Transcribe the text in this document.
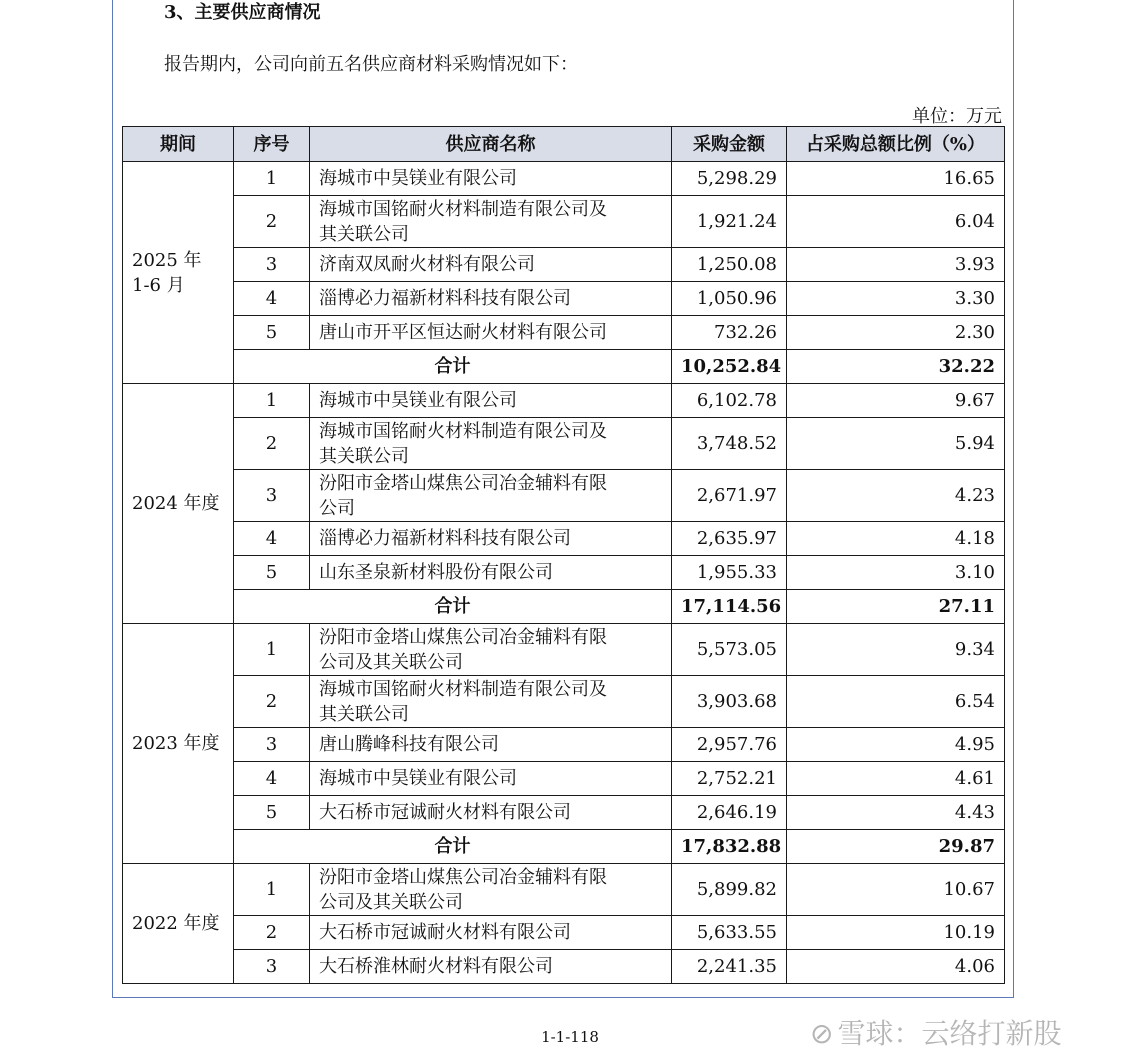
3、主要供应商情况
报告期内，公司向前五名供应商材料采购情况如下：
单位：万元
期间	序号	供应商名称	采购金额	占采购总额比例（%）
2025 年
1-6 月	1	海城市中昊镁业有限公司	5,298.29	16.65
	2	海城市国铭耐火材料制造有限公司及
其关联公司	1,921.24	6.04
	3	济南双凤耐火材料有限公司	1,250.08	3.93
	4	淄博必力福新材料科技有限公司	1,050.96	3.30
	5	唐山市开平区恒达耐火材料有限公司	732.26	2.30
	合计		10,252.84	32.22
2024 年度	1	海城市中昊镁业有限公司	6,102.78	9.67
	2	海城市国铭耐火材料制造有限公司及
其关联公司	3,748.52	5.94
	3	汾阳市金塔山煤焦公司冶金辅料有限
公司	2,671.97	4.23
	4	淄博必力福新材料科技有限公司	2,635.97	4.18
	5	山东圣泉新材料股份有限公司	1,955.33	3.10
	合计		17,114.56	27.11
2023 年度	1	汾阳市金塔山煤焦公司冶金辅料有限
公司及其关联公司	5,573.05	9.34
	2	海城市国铭耐火材料制造有限公司及
其关联公司	3,903.68	6.54
	3	唐山腾峰科技有限公司	2,957.76	4.95
	4	海城市中昊镁业有限公司	2,752.21	4.61
	5	大石桥市冠诚耐火材料有限公司	2,646.19	4.43
	合计		17,832.88	29.87
2022 年度	1	汾阳市金塔山煤焦公司冶金辅料有限
公司及其关联公司	5,899.82	10.67
	2	大石桥市冠诚耐火材料有限公司	5,633.55	10.19
	3	大石桥淮林耐火材料有限公司	2,241.35	4.06
1-1-118	⊘ 雪球：云络打新股
